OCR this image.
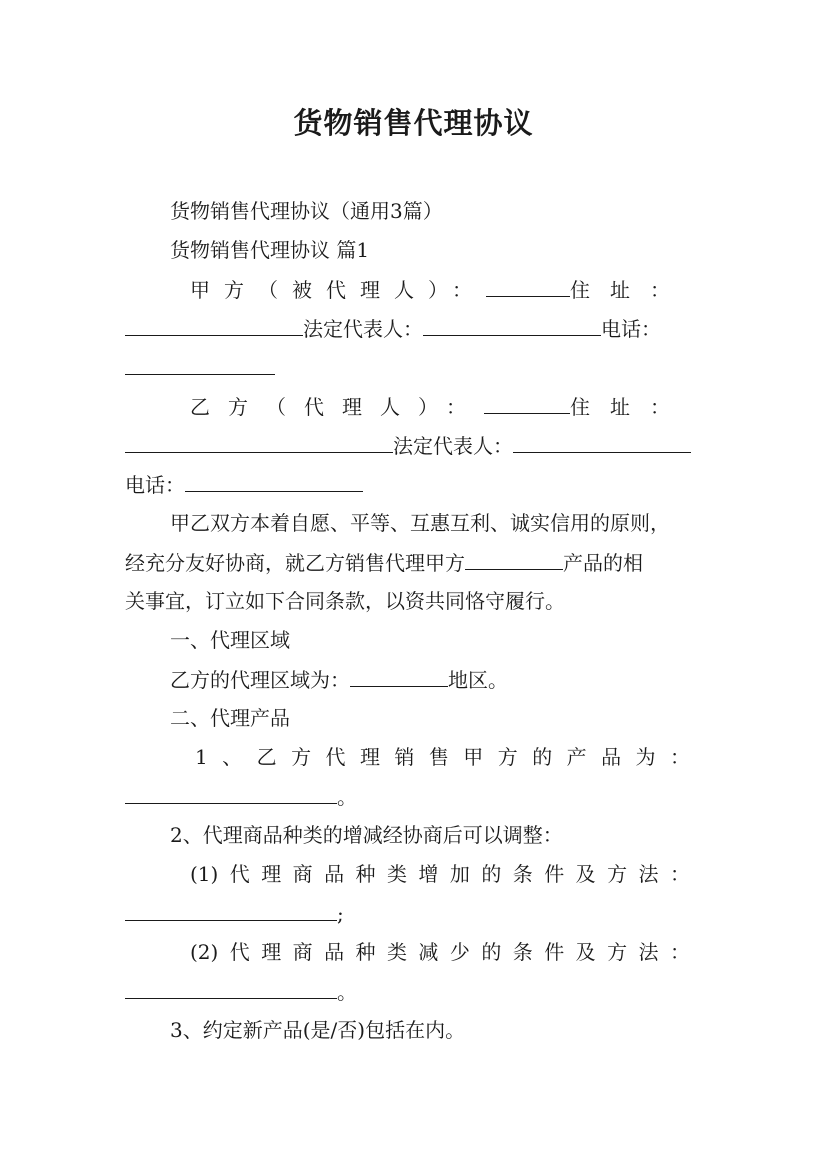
货物销售代理协议
货物销售代理协议（通用3篇）
货物销售代理协议 篇1
甲方（被代理人）：	住址：
法定代表人：	电话：
乙方（代理人）：	住址：
法定代表人：
电话：
甲乙双方本着自愿、平等、互惠互利、诚实信用的原则，
经充分友好协商，就乙方销售代理甲方	产品的相
关事宜，订立如下合同条款，以资共同恪守履行。
一、代理区域
乙方的代理区域为：	地区。
二、代理产品
1、乙方代理销售甲方的产品为：
。
2、代理商品种类的增减经协商后可以调整：
(1)代理商品种类增加的条件及方法：
;
(2)代理商品种类减少的条件及方法：
。
3、约定新产品(是/否)包括在内。
